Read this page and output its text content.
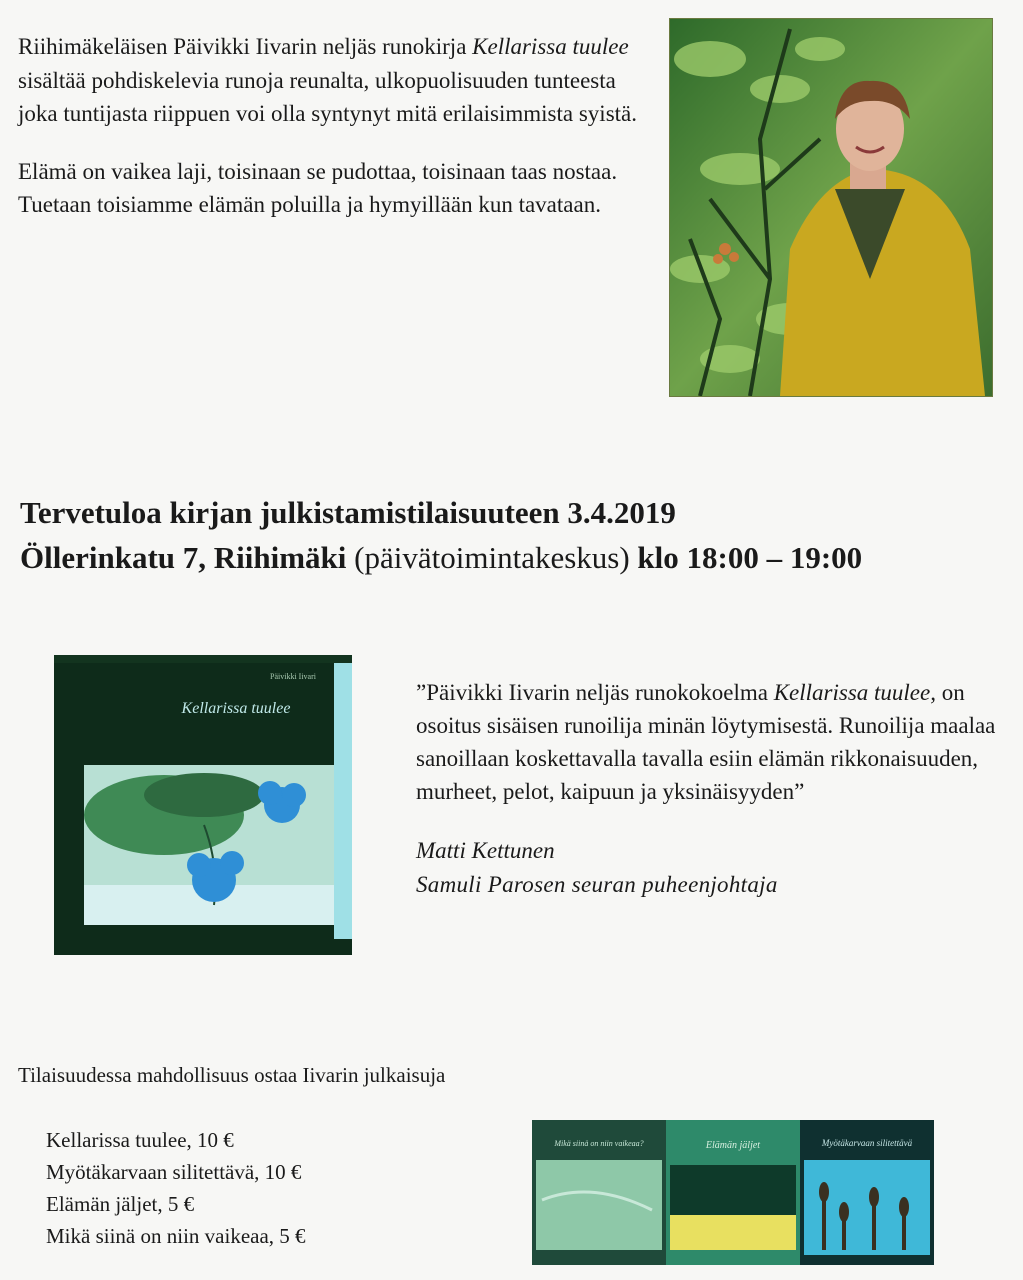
Riihimäkeläisen Päivikki Iivarin neljäs runokirja Kellarissa tuulee sisältää pohdiskelevia runoja reunalta, ulkopuolisuuden tunteesta joka tuntijasta riippuen voi olla syntynyt mitä erilaisimmista syistä.

Elämä on vaikea laji, toisinaan se pudottaa, toisinaan taas nostaa. Tuetaan toisiamme elämän poluilla ja hymyillään kun tavataan.

Tervetuloa kirjan julkistamistilaisuuteen 3.4.2019
Öllerinkatu 7, Riihimäki (päivätoimintakeskus) klo 18:00 – 19:00
Päivikki Iivari
Kellarissa tuulee

”Päivikki Iivarin neljäs runokokoelma Kellarissa tuulee, on osoitus sisäisen runoilija minän löytymisestä. Runoilija maalaa sanoillaan koskettavalla tavalla esiin elämän rikkonaisuuden, murheet, pelot, kaipuun ja yksinäisyyden”

Matti Kettunen
Samuli Parosen seuran puheenjohtaja
Tilaisuudessa mahdollisuus ostaa Iivarin julkaisuja
Kellarissa tuulee, 10 €
Myötäkarvaan silitettävä, 10 €
Elämän jäljet, 5 €
Mikä siinä on niin vaikeaa, 5 €
Mikä siinä on niin vaikeaa?	Elämän jäljet	Myötäkarvaan silitettävä
